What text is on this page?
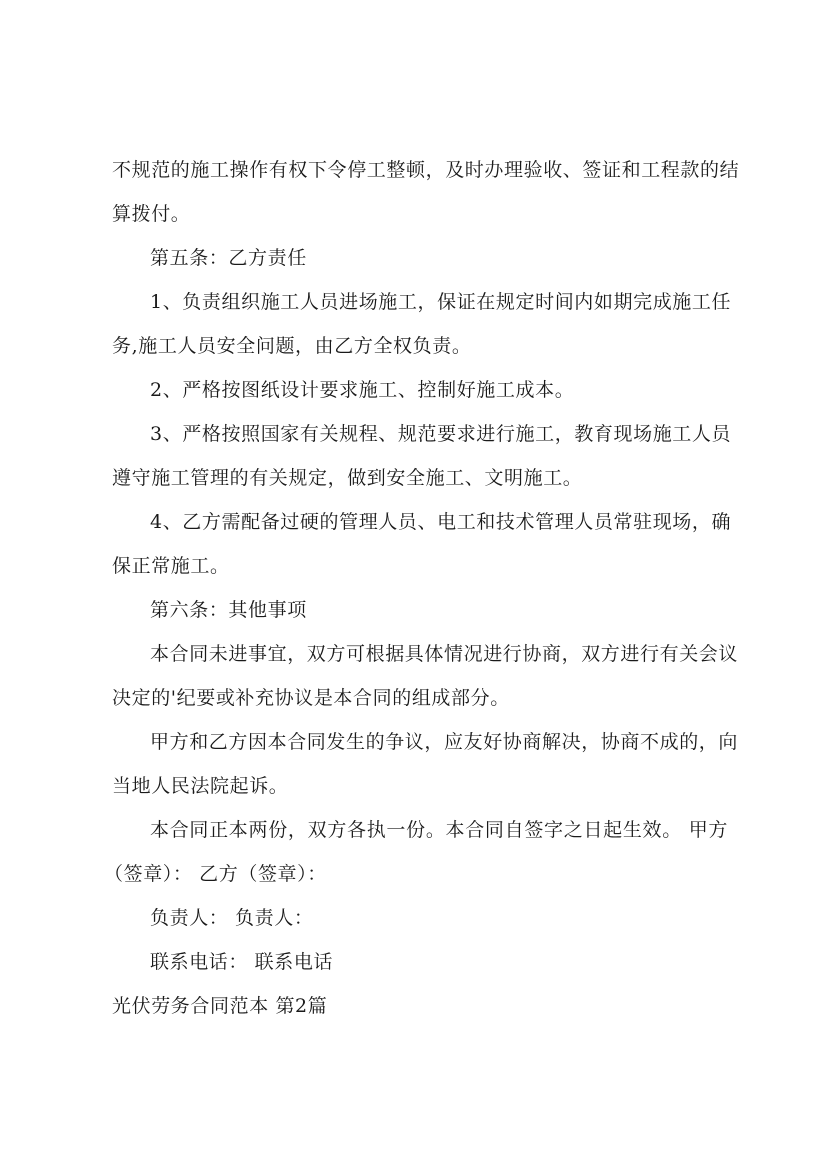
不规范的施工操作有权下令停工整顿，及时办理验收、签证和工程款的结
算拨付。
第五条：乙方责任
1、负责组织施工人员进场施工，保证在规定时间内如期完成施工任
务,施工人员安全问题，由乙方全权负责。
2、严格按图纸设计要求施工、控制好施工成本。
3、严格按照国家有关规程、规范要求进行施工，教育现场施工人员
遵守施工管理的有关规定，做到安全施工、文明施工。
4、乙方需配备过硬的管理人员、电工和技术管理人员常驻现场，确
保正常施工。
第六条：其他事项
本合同未进事宜，双方可根据具体情况进行协商，双方进行有关会议
决定的'纪要或补充协议是本合同的组成部分。
甲方和乙方因本合同发生的争议，应友好协商解决，协商不成的，向
当地人民法院起诉。
本合同正本两份，双方各执一份。本合同自签字之日起生效。 甲方
（签章）： 乙方（签章）：
负责人： 负责人：
联系电话： 联系电话
光伏劳务合同范本 第2篇
